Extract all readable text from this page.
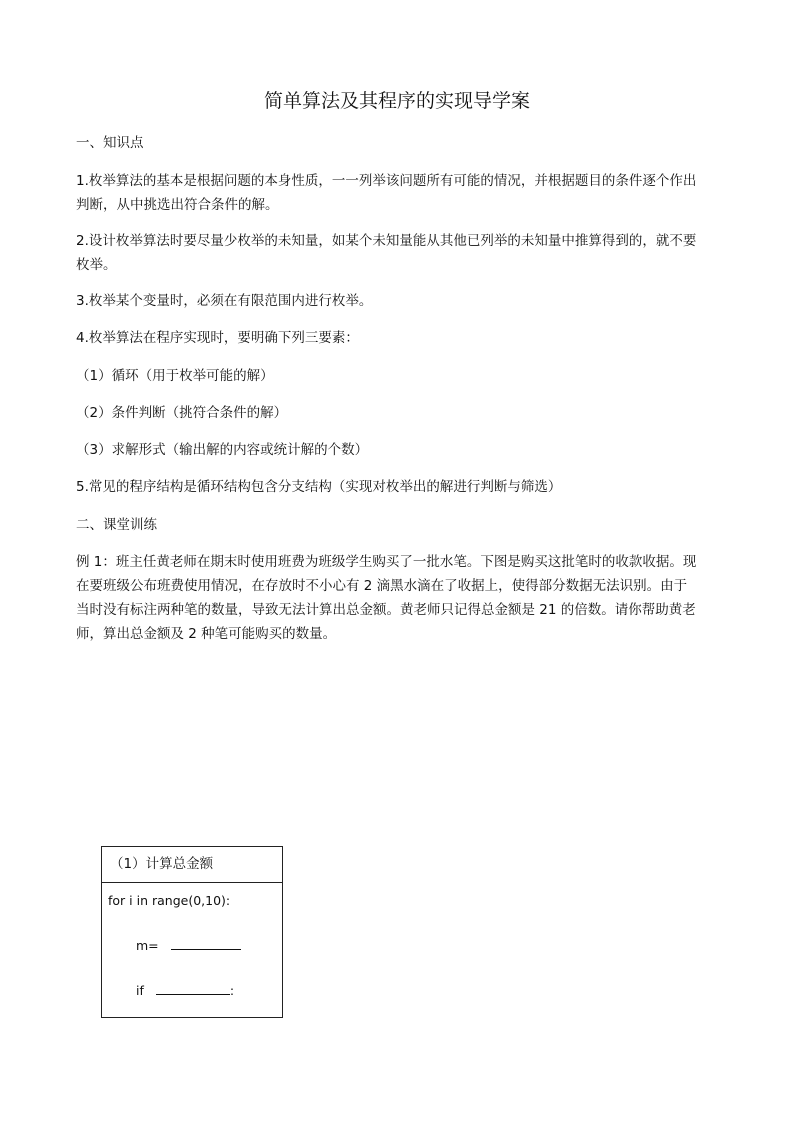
简单算法及其程序的实现导学案
一、知识点
1.枚举算法的基本是根据问题的本身性质，一一列举该问题所有可能的情况，并根据题目的条件逐个作出
判断，从中挑选出符合条件的解。
2.设计枚举算法时要尽量少枚举的未知量，如某个未知量能从其他已列举的未知量中推算得到的，就不要
枚举。
3.枚举某个变量时，必须在有限范围内进行枚举。
4.枚举算法在程序实现时，要明确下列三要素：
（1）循环（用于枚举可能的解）
（2）条件判断（挑符合条件的解）
（3）求解形式（输出解的内容或统计解的个数）
5.常见的程序结构是循环结构包含分支结构（实现对枚举出的解进行判断与筛选）
二、课堂训练
例 1：班主任黄老师在期末时使用班费为班级学生购买了一批水笔。下图是购买这批笔时的收款收据。现
在要班级公布班费使用情况，在存放时不小心有 2 滴黑水滴在了收据上，使得部分数据无法识别。由于
当时没有标注两种笔的数量，导致无法计算出总金额。黄老师只记得总金额是 21 的倍数。请你帮助黄老
师，算出总金额及 2 种笔可能购买的数量。
（1）计算总金额
for i in range(0,10):
m=
if	:
